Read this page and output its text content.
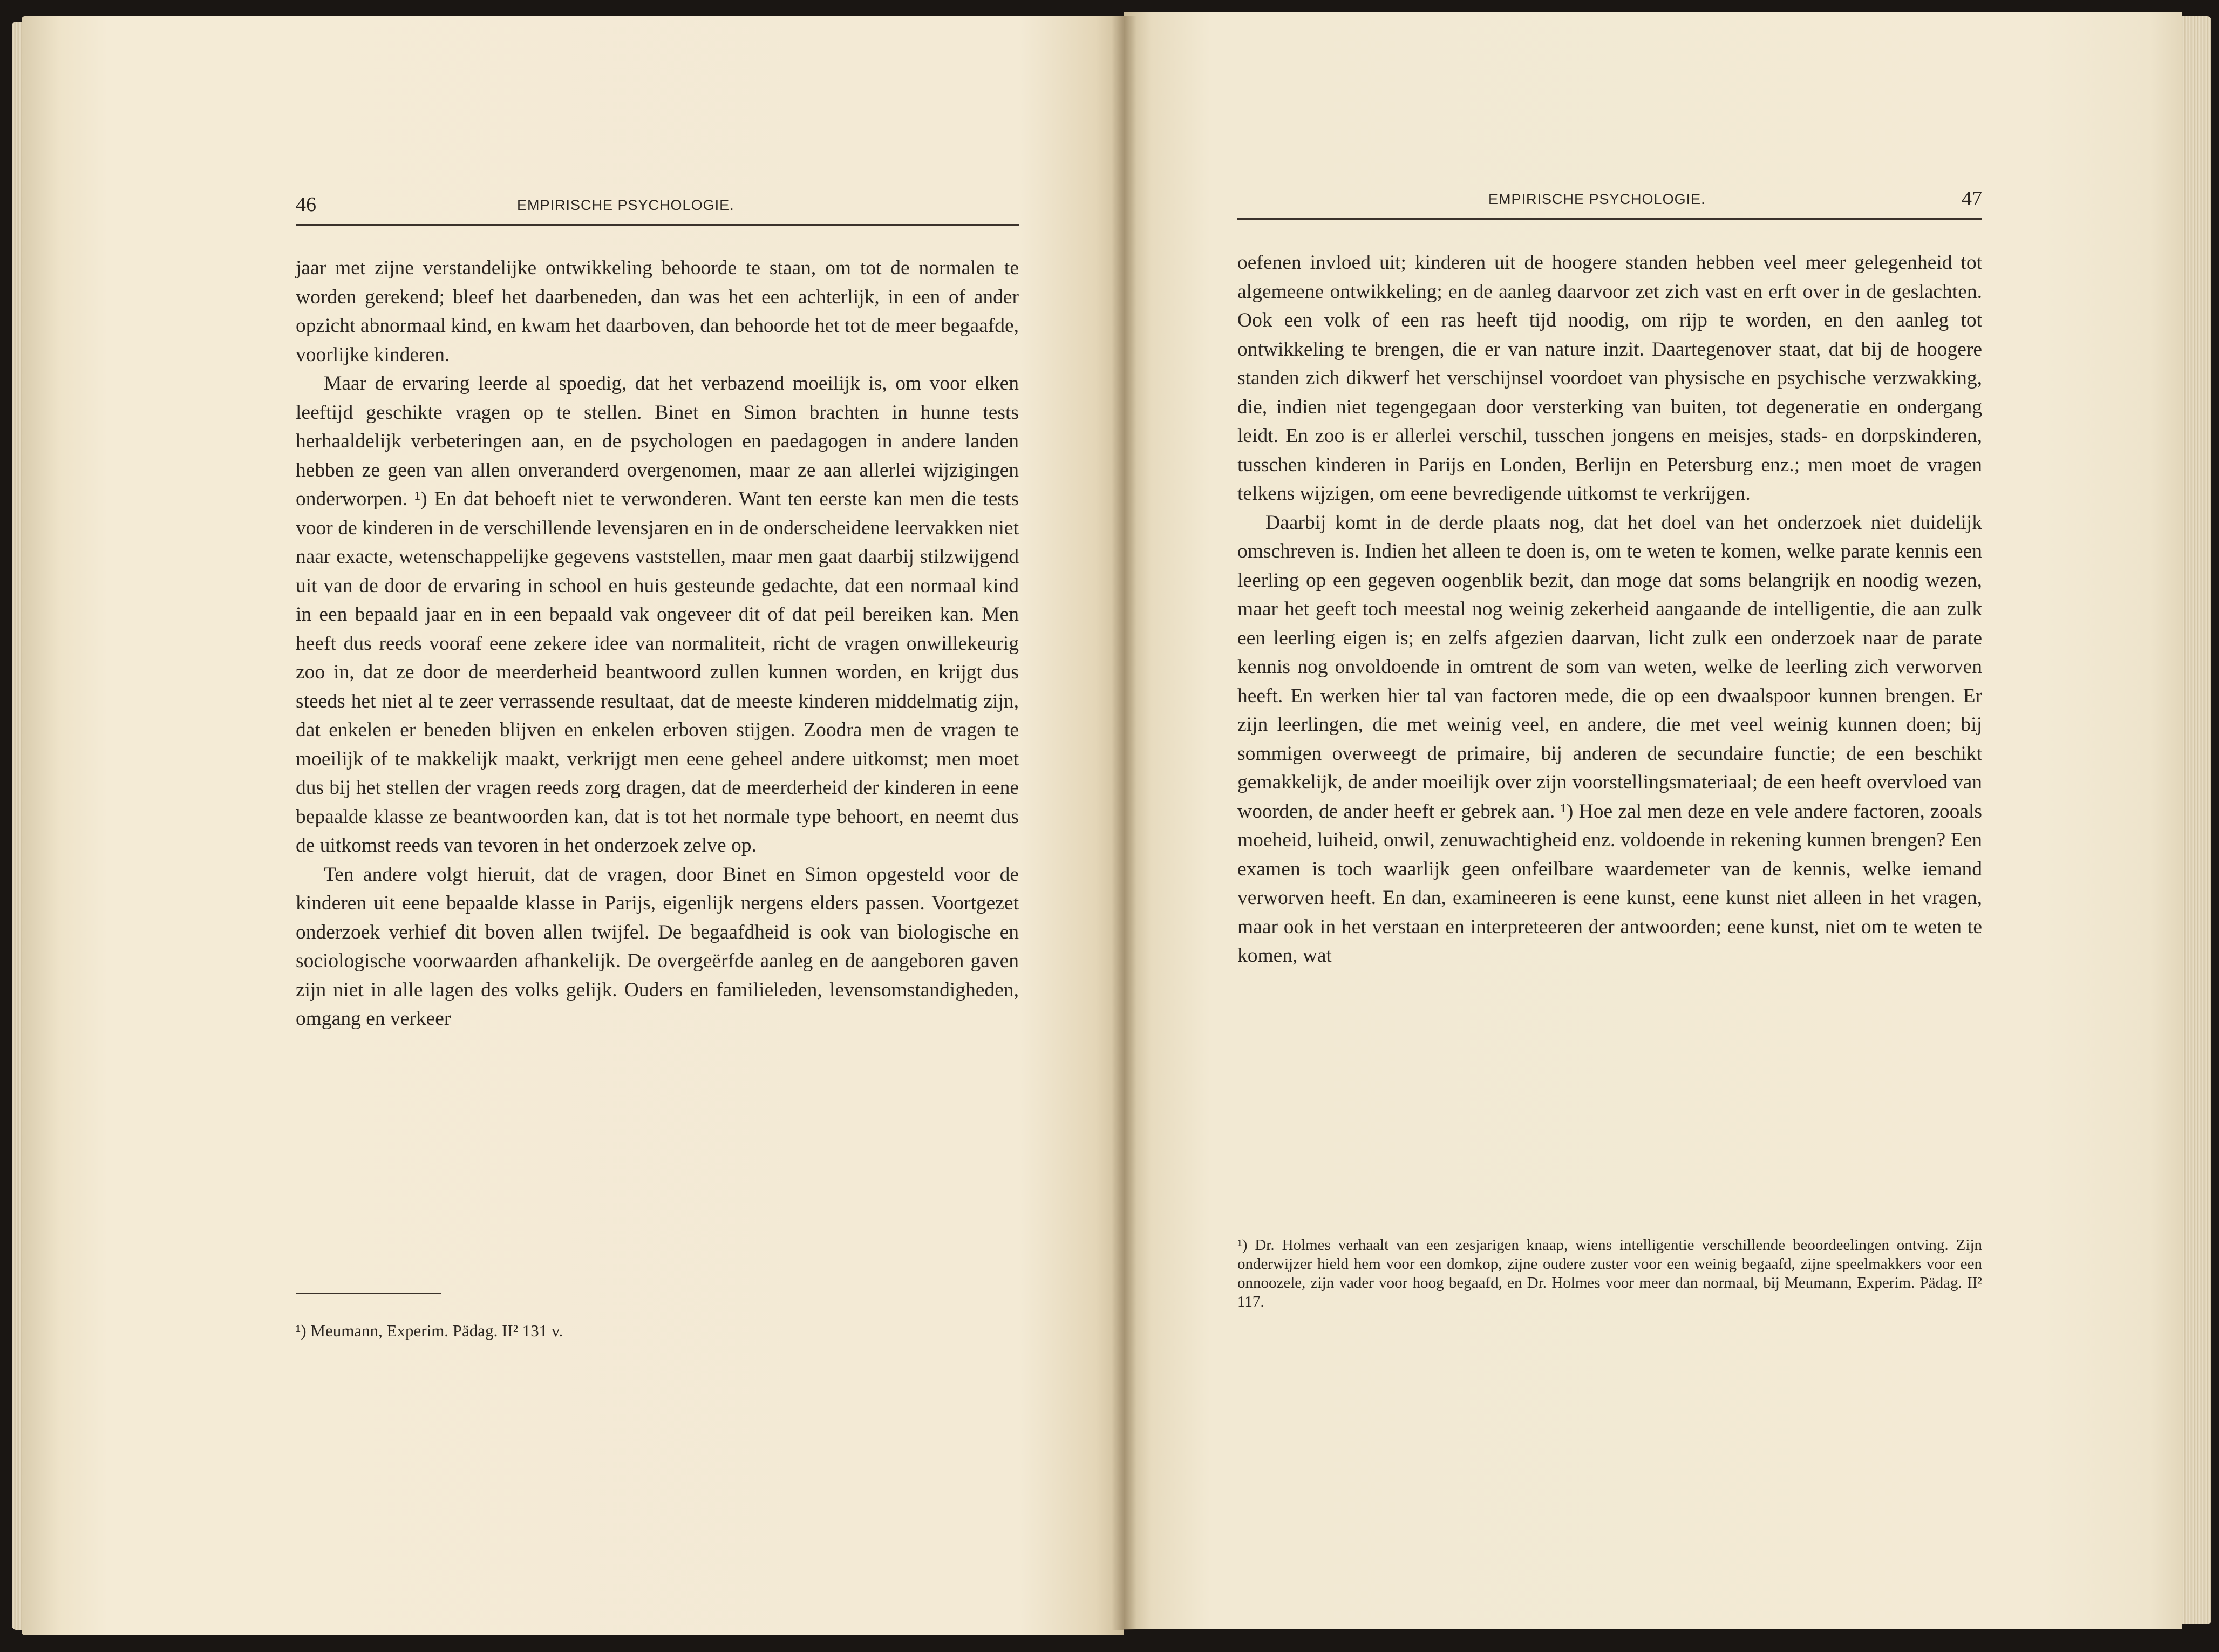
46	EMPIRISCHE PSYCHOLOGIE.

jaar met zijne verstandelijke ontwikkeling behoorde te staan, om tot de normalen te worden gerekend; bleef het daarbeneden, dan was het een achterlijk, in een of ander opzicht abnormaal kind, en kwam het daarboven, dan behoorde het tot de meer begaafde, voorlijke kinderen.

Maar de ervaring leerde al spoedig, dat het verbazend moeilijk is, om voor elken leeftijd geschikte vragen op te stellen. Binet en Simon brachten in hunne tests herhaaldelijk verbeteringen aan, en de psychologen en paedagogen in andere landen hebben ze geen van allen onveranderd overgenomen, maar ze aan allerlei wijzigingen onderworpen. ¹) En dat behoeft niet te verwonderen. Want ten eerste kan men die tests voor de kinderen in de verschillende levensjaren en in de onderscheidene leervakken niet naar exacte, wetenschappelijke gegevens vaststellen, maar men gaat daarbij stilzwijgend uit van de door de ervaring in school en huis gesteunde gedachte, dat een normaal kind in een bepaald jaar en in een bepaald vak ongeveer dit of dat peil bereiken kan. Men heeft dus reeds vooraf eene zekere idee van normaliteit, richt de vragen onwillekeurig zoo in, dat ze door de meerderheid beantwoord zullen kunnen worden, en krijgt dus steeds het niet al te zeer verrassende resultaat, dat de meeste kinderen middelmatig zijn, dat enkelen er beneden blijven en enkelen erboven stijgen. Zoodra men de vragen te moeilijk of te makkelijk maakt, verkrijgt men eene geheel andere uitkomst; men moet dus bij het stellen der vragen reeds zorg dragen, dat de meerderheid der kinderen in eene bepaalde klasse ze beantwoorden kan, dat is tot het normale type behoort, en neemt dus de uitkomst reeds van tevoren in het onderzoek zelve op.

Ten andere volgt hieruit, dat de vragen, door Binet en Simon opgesteld voor de kinderen uit eene bepaalde klasse in Parijs, eigenlijk nergens elders passen. Voortgezet onderzoek verhief dit boven allen twijfel. De begaafdheid is ook van biologische en sociologische voorwaarden afhankelijk. De overgeërfde aanleg en de aangeboren gaven zijn niet in alle lagen des volks gelijk. Ouders en familieleden, levensomstandigheden, omgang en verkeer

¹) Meumann, Experim. Pädag. II² 131 v.
EMPIRISCHE PSYCHOLOGIE.	47

oefenen invloed uit; kinderen uit de hoogere standen hebben veel meer gelegenheid tot algemeene ontwikkeling; en de aanleg daarvoor zet zich vast en erft over in de geslachten. Ook een volk of een ras heeft tijd noodig, om rijp te worden, en den aanleg tot ontwikkeling te brengen, die er van nature inzit. Daartegenover staat, dat bij de hoogere standen zich dikwerf het verschijnsel voordoet van physische en psychische verzwakking, die, indien niet tegengegaan door versterking van buiten, tot degeneratie en ondergang leidt. En zoo is er allerlei verschil, tusschen jongens en meisjes, stads- en dorpskinderen, tusschen kinderen in Parijs en Londen, Berlijn en Petersburg enz.; men moet de vragen telkens wijzigen, om eene bevredigende uitkomst te verkrijgen.

Daarbij komt in de derde plaats nog, dat het doel van het onderzoek niet duidelijk omschreven is. Indien het alleen te doen is, om te weten te komen, welke parate kennis een leerling op een gegeven oogenblik bezit, dan moge dat soms belangrijk en noodig wezen, maar het geeft toch meestal nog weinig zekerheid aangaande de intelligentie, die aan zulk een leerling eigen is; en zelfs afgezien daarvan, licht zulk een onderzoek naar de parate kennis nog onvoldoende in omtrent de som van weten, welke de leerling zich verworven heeft. En werken hier tal van factoren mede, die op een dwaalspoor kunnen brengen. Er zijn leerlingen, die met weinig veel, en andere, die met veel weinig kunnen doen; bij sommigen overweegt de primaire, bij anderen de secundaire functie; de een beschikt gemakkelijk, de ander moeilijk over zijn voorstellingsmateriaal; de een heeft overvloed van woorden, de ander heeft er gebrek aan. ¹) Hoe zal men deze en vele andere factoren, zooals moeheid, luiheid, onwil, zenuwachtigheid enz. voldoende in rekening kunnen brengen? Een examen is toch waarlijk geen onfeilbare waardemeter van de kennis, welke iemand verworven heeft. En dan, examineeren is eene kunst, eene kunst niet alleen in het vragen, maar ook in het verstaan en interpreteeren der antwoorden; eene kunst, niet om te weten te komen, wat

¹) Dr. Holmes verhaalt van een zesjarigen knaap, wiens intelligentie verschillende beoordeelingen ontving. Zijn onderwijzer hield hem voor een domkop, zijne oudere zuster voor een weinig begaafd, zijne speelmakkers voor een onnoozele, zijn vader voor hoog begaafd, en Dr. Holmes voor meer dan normaal, bij Meumann, Experim. Pädag. II² 117.
